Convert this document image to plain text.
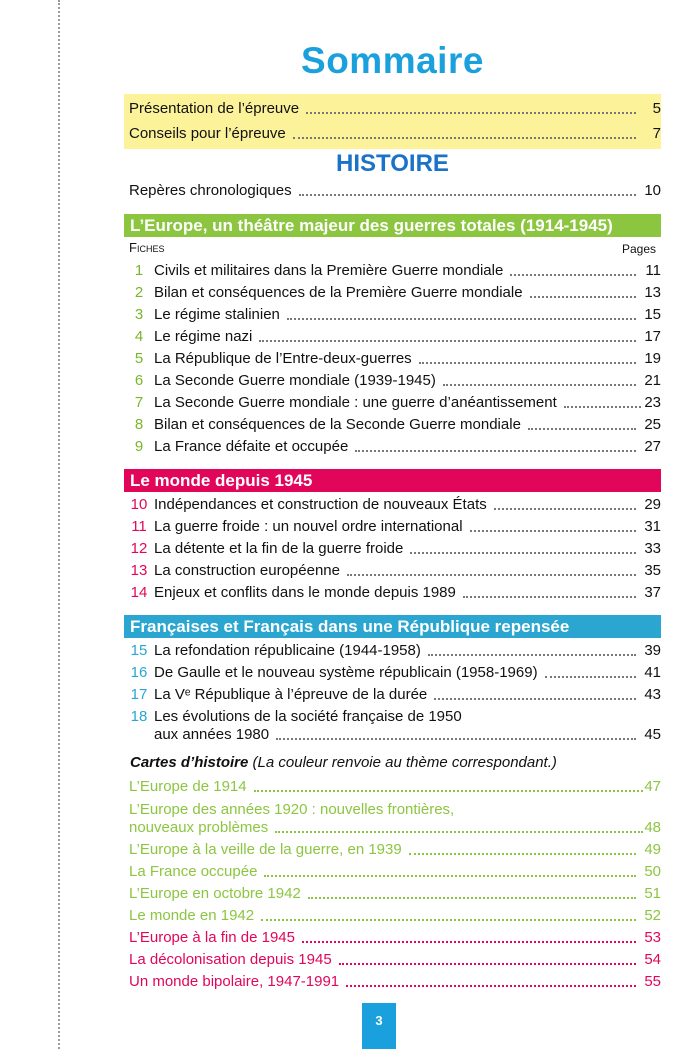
Sommaire
Présentation de l’épreuve	5
Conseils pour l’épreuve	7
HISTOIRE
Repères chronologiques	10
L’Europe, un théâtre majeur des guerres totales (1914-1945)
Fiches	Pages
1 Civils et militaires dans la Première Guerre mondiale	11
2 Bilan et conséquences de la Première Guerre mondiale	13
3 Le régime stalinien	15
4 Le régime nazi	17
5 La République de l’Entre-deux-guerres	19
6 La Seconde Guerre mondiale (1939-1945)	21
7 La Seconde Guerre mondiale : une guerre d’anéantissement	23
8 Bilan et conséquences de la Seconde Guerre mondiale	25
9 La France défaite et occupée	27
Le monde depuis 1945
10 Indépendances et construction de nouveaux États	29
11 La guerre froide : un nouvel ordre international	31
12 La détente et la fin de la guerre froide	33
13 La construction européenne	35
14 Enjeux et conflits dans le monde depuis 1989	37
Françaises et Français dans une République repensée
15 La refondation républicaine (1944-1958)	39
16 De Gaulle et le nouveau système républicain (1958-1969)	41
17 La Vᵉ République à l’épreuve de la durée	43
18 Les évolutions de la société française de 1950
aux années 1980	45
Cartes d’histoire (La couleur renvoie au thème correspondant.)
L’Europe de 1914	47
L’Europe des années 1920 : nouvelles frontières,
nouveaux problèmes	48
L’Europe à la veille de la guerre, en 1939	49
La France occupée	50
L’Europe en octobre 1942	51
Le monde en 1942	52
L’Europe à la fin de 1945	53
La décolonisation depuis 1945	54
Un monde bipolaire, 1947-1991	55
3
